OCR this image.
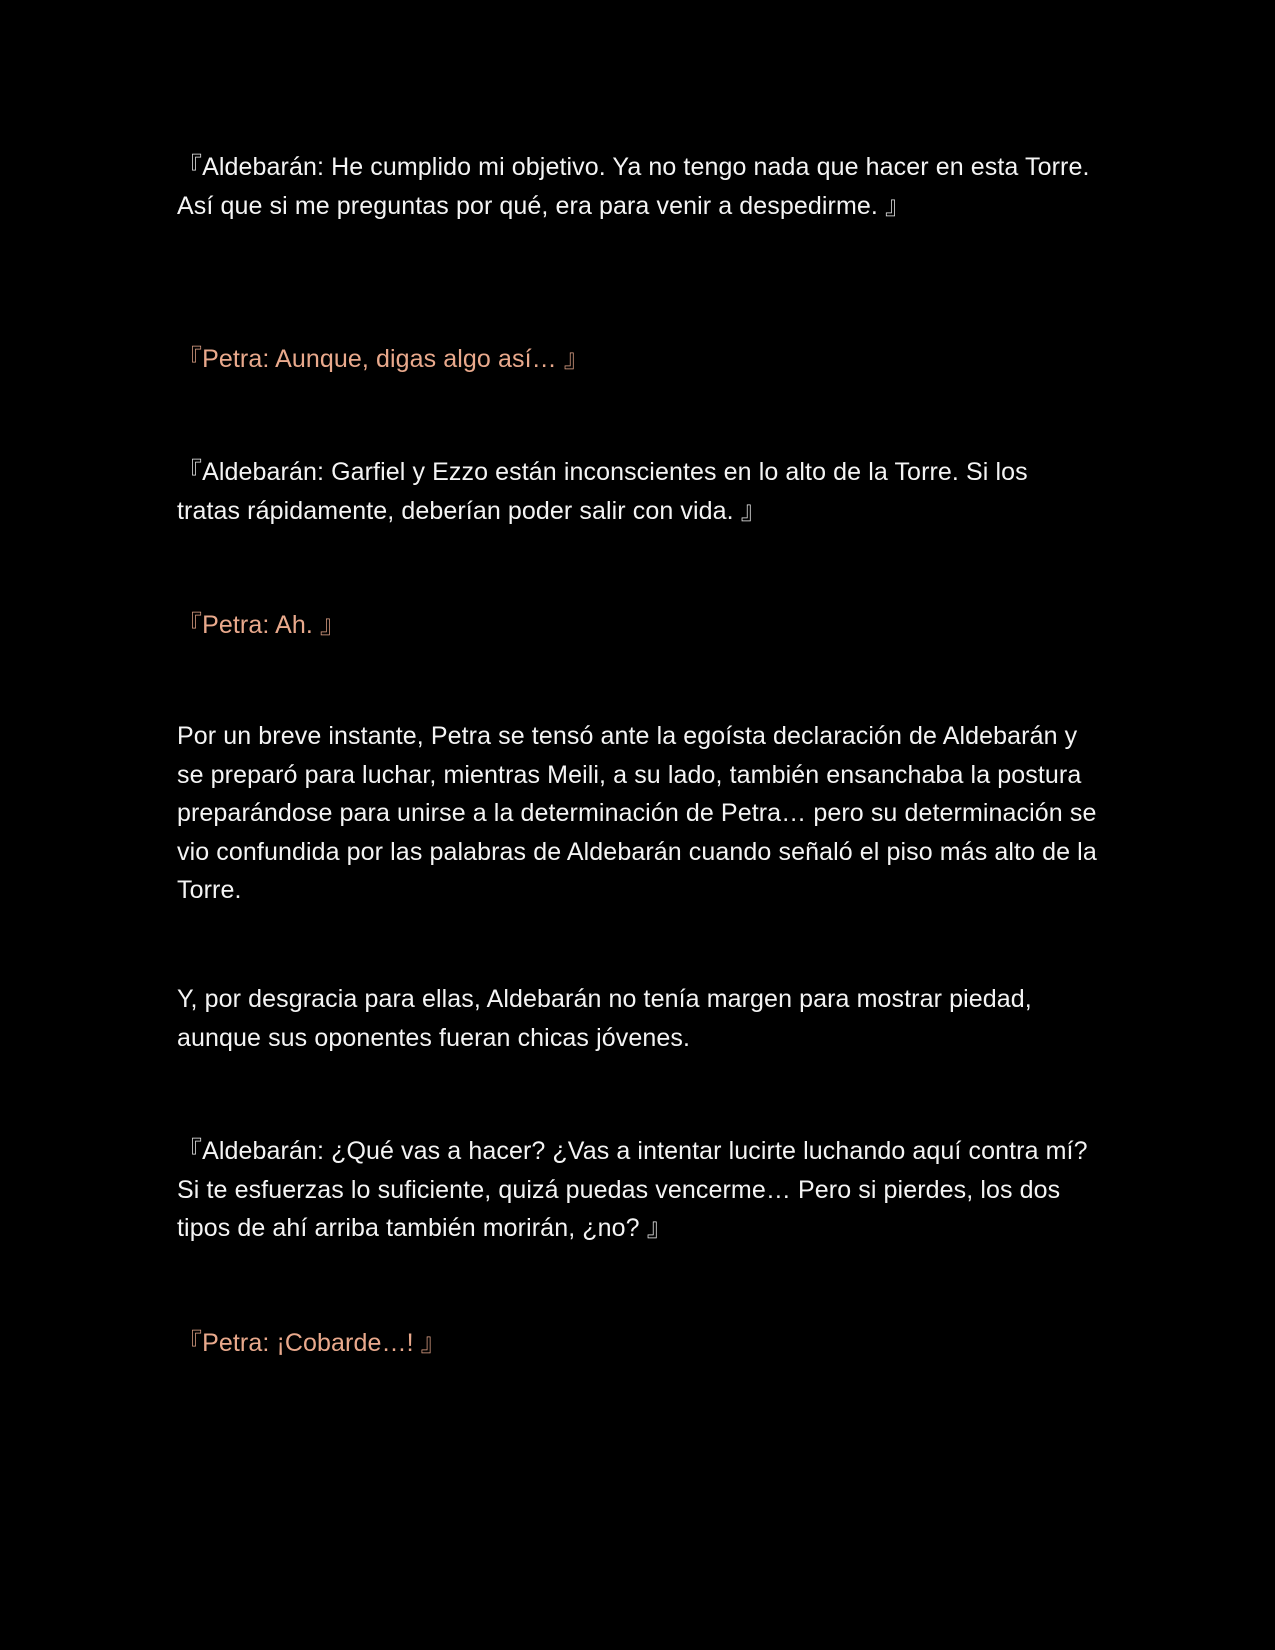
『Aldebarán: He cumplido mi objetivo. Ya no tengo nada que hacer en esta Torre. Así que si me preguntas por qué, era para venir a despedirme. 』

『Petra: Aunque, digas algo así… 』

『Aldebarán: Garfiel y Ezzo están inconscientes en lo alto de la Torre. Si los tratas rápidamente, deberían poder salir con vida. 』

『Petra: Ah. 』

Por un breve instante, Petra se tensó ante la egoísta declaración de Aldebarán y se preparó para luchar, mientras Meili, a su lado, también ensanchaba la postura preparándose para unirse a la determinación de Petra… pero su determinación se vio confundida por las palabras de Aldebarán cuando señaló el piso más alto de la Torre.

Y, por desgracia para ellas, Aldebarán no tenía margen para mostrar piedad, aunque sus oponentes fueran chicas jóvenes.

『Aldebarán: ¿Qué vas a hacer? ¿Vas a intentar lucirte luchando aquí contra mí? Si te esfuerzas lo suficiente, quizá puedas vencerme… Pero si pierdes, los dos tipos de ahí arriba también morirán, ¿no? 』

『Petra: ¡Cobarde…! 』
